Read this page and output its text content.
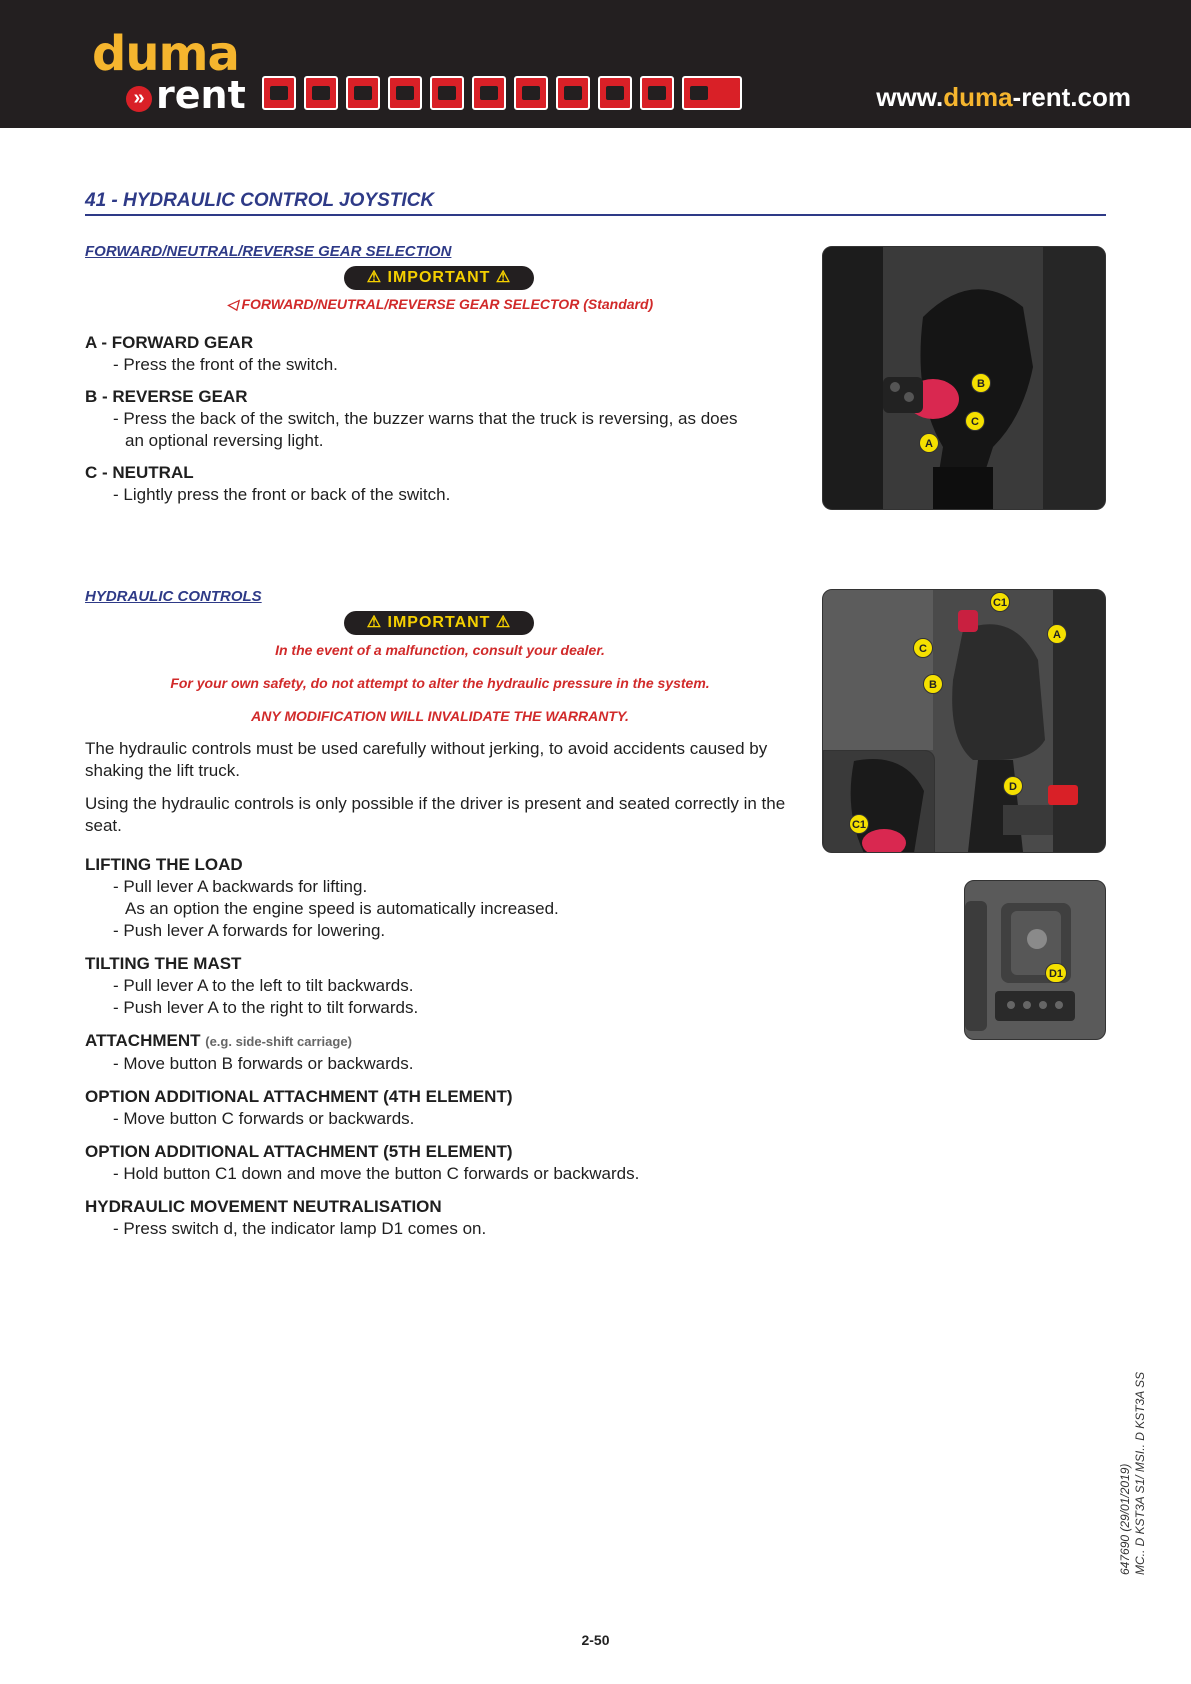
duma
» rent	www.duma-rent.com
41 - HYDRAULIC CONTROL JOYSTICK
FORWARD/NEUTRAL/REVERSE GEAR SELECTION
⚠ IMPORTANT ⚠
◁ FORWARD/NEUTRAL/REVERSE GEAR SELECTOR (Standard)
A - FORWARD GEAR
- Press the front of the switch.
B - REVERSE GEAR
- Press the back of the switch, the buzzer warns that the truck is reversing, as does
an optional reversing light.
C - NEUTRAL
- Lightly press the front or back of the switch.
B
C
A
HYDRAULIC CONTROLS
⚠ IMPORTANT ⚠
In the event of a malfunction, consult your dealer.
For your own safety, do not attempt to alter the hydraulic pressure in the system.
ANY MODIFICATION WILL INVALIDATE THE WARRANTY.

The hydraulic controls must be used carefully without jerking, to avoid accidents caused by shaking the lift truck.

Using the hydraulic controls is only possible if the driver is present and seated correctly in the seat.

LIFTING THE LOAD
- Pull lever A backwards for lifting.
As an option the engine speed is automatically increased.
- Push lever A forwards for lowering.
TILTING THE MAST
- Pull lever A to the left to tilt backwards.
- Push lever A to the right to tilt forwards.
ATTACHMENT (e.g. side-shift carriage)
- Move button B forwards or backwards.
OPTION ADDITIONAL ATTACHMENT (4TH ELEMENT)
- Move button C forwards or backwards.
OPTION ADDITIONAL ATTACHMENT (5TH ELEMENT)
- Hold button C1 down and move the button C forwards or backwards.
HYDRAULIC MOVEMENT NEUTRALISATION
- Press switch d, the indicator lamp D1 comes on.
C1
A
C
B
D
C1
D1
2-50
647690 (29/01/2019) MC.. D KST3A S1/ MSI.. D KST3A SS
